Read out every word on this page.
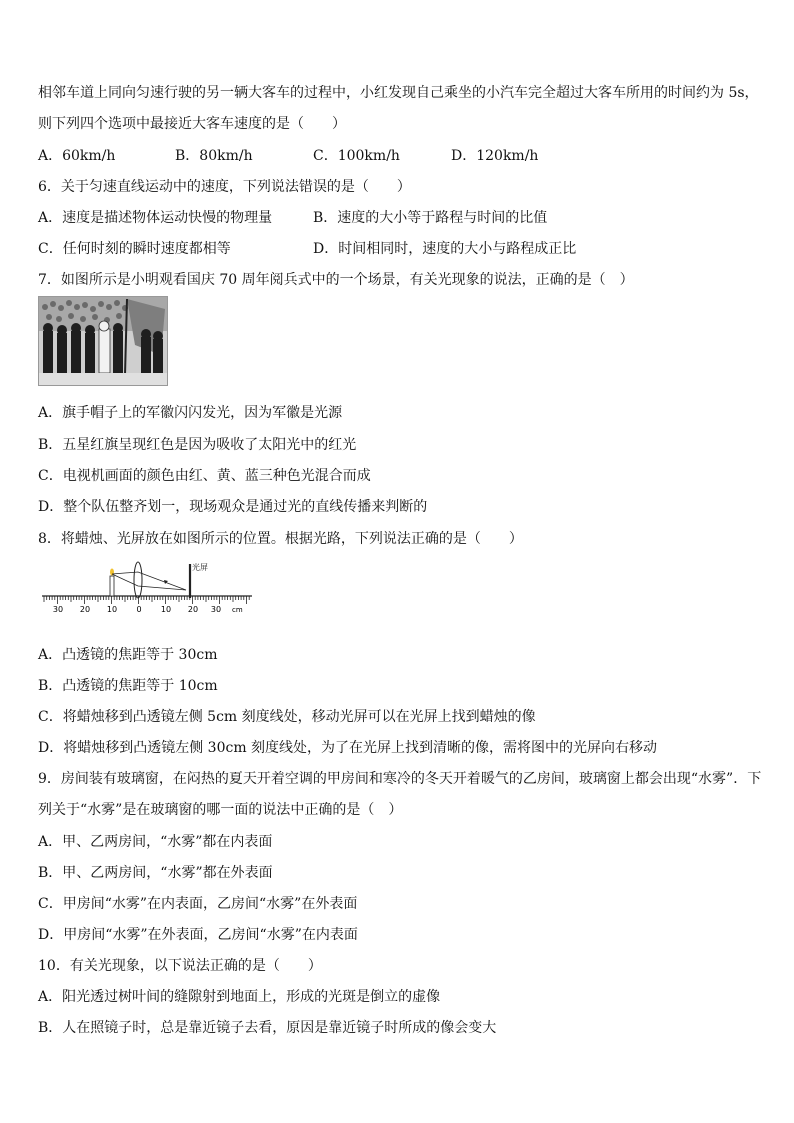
相邻车道上同向匀速行驶的另一辆大客车的过程中，小红发现自己乘坐的小汽车完全超过大客车所用的时间约为 5s，
则下列四个选项中最接近大客车速度的是（　　）
A．60km/h	B．80km/h	C．100km/h	D．120km/h
6．关于匀速直线运动中的速度，下列说法错误的是（　　）
A．速度是描述物体运动快慢的物理量	B．速度的大小等于路程与时间的比值
C．任何时刻的瞬时速度都相等	D．时间相同时，速度的大小与路程成正比
7．如图所示是小明观看国庆 70 周年阅兵式中的一个场景，有关光现象的说法，正确的是（　）
A．旗手帽子上的军徽闪闪发光，因为军徽是光源
B．五星红旗呈现红色是因为吸收了太阳光中的红光
C．电视机画面的颜色由红、黄、蓝三种色光混合而成
D．整个队伍整齐划一，现场观众是通过光的直线传播来判断的
8．将蜡烛、光屏放在如图所示的位置。根据光路，下列说法正确的是（　　）
光屏
30 20 10 0 10 20 30 cm
A．凸透镜的焦距等于 30cm
B．凸透镜的焦距等于 10cm
C．将蜡烛移到凸透镜左侧 5cm 刻度线处，移动光屏可以在光屏上找到蜡烛的像
D．将蜡烛移到凸透镜左侧 30cm 刻度线处，为了在光屏上找到清晰的像，需将图中的光屏向右移动
9．房间装有玻璃窗，在闷热的夏天开着空调的甲房间和寒冷的冬天开着暖气的乙房间，玻璃窗上都会出现“水雾”．下
列关于“水雾”是在玻璃窗的哪一面的说法中正确的是（　）
A．甲、乙两房间，“水雾”都在内表面
B．甲、乙两房间，“水雾”都在外表面
C．甲房间“水雾”在内表面，乙房间“水雾”在外表面
D．甲房间“水雾”在外表面，乙房间“水雾”在内表面
10．有关光现象，以下说法正确的是（　　）
A．阳光透过树叶间的缝隙射到地面上，形成的光斑是倒立的虚像
B．人在照镜子时，总是靠近镜子去看，原因是靠近镜子时所成的像会变大
